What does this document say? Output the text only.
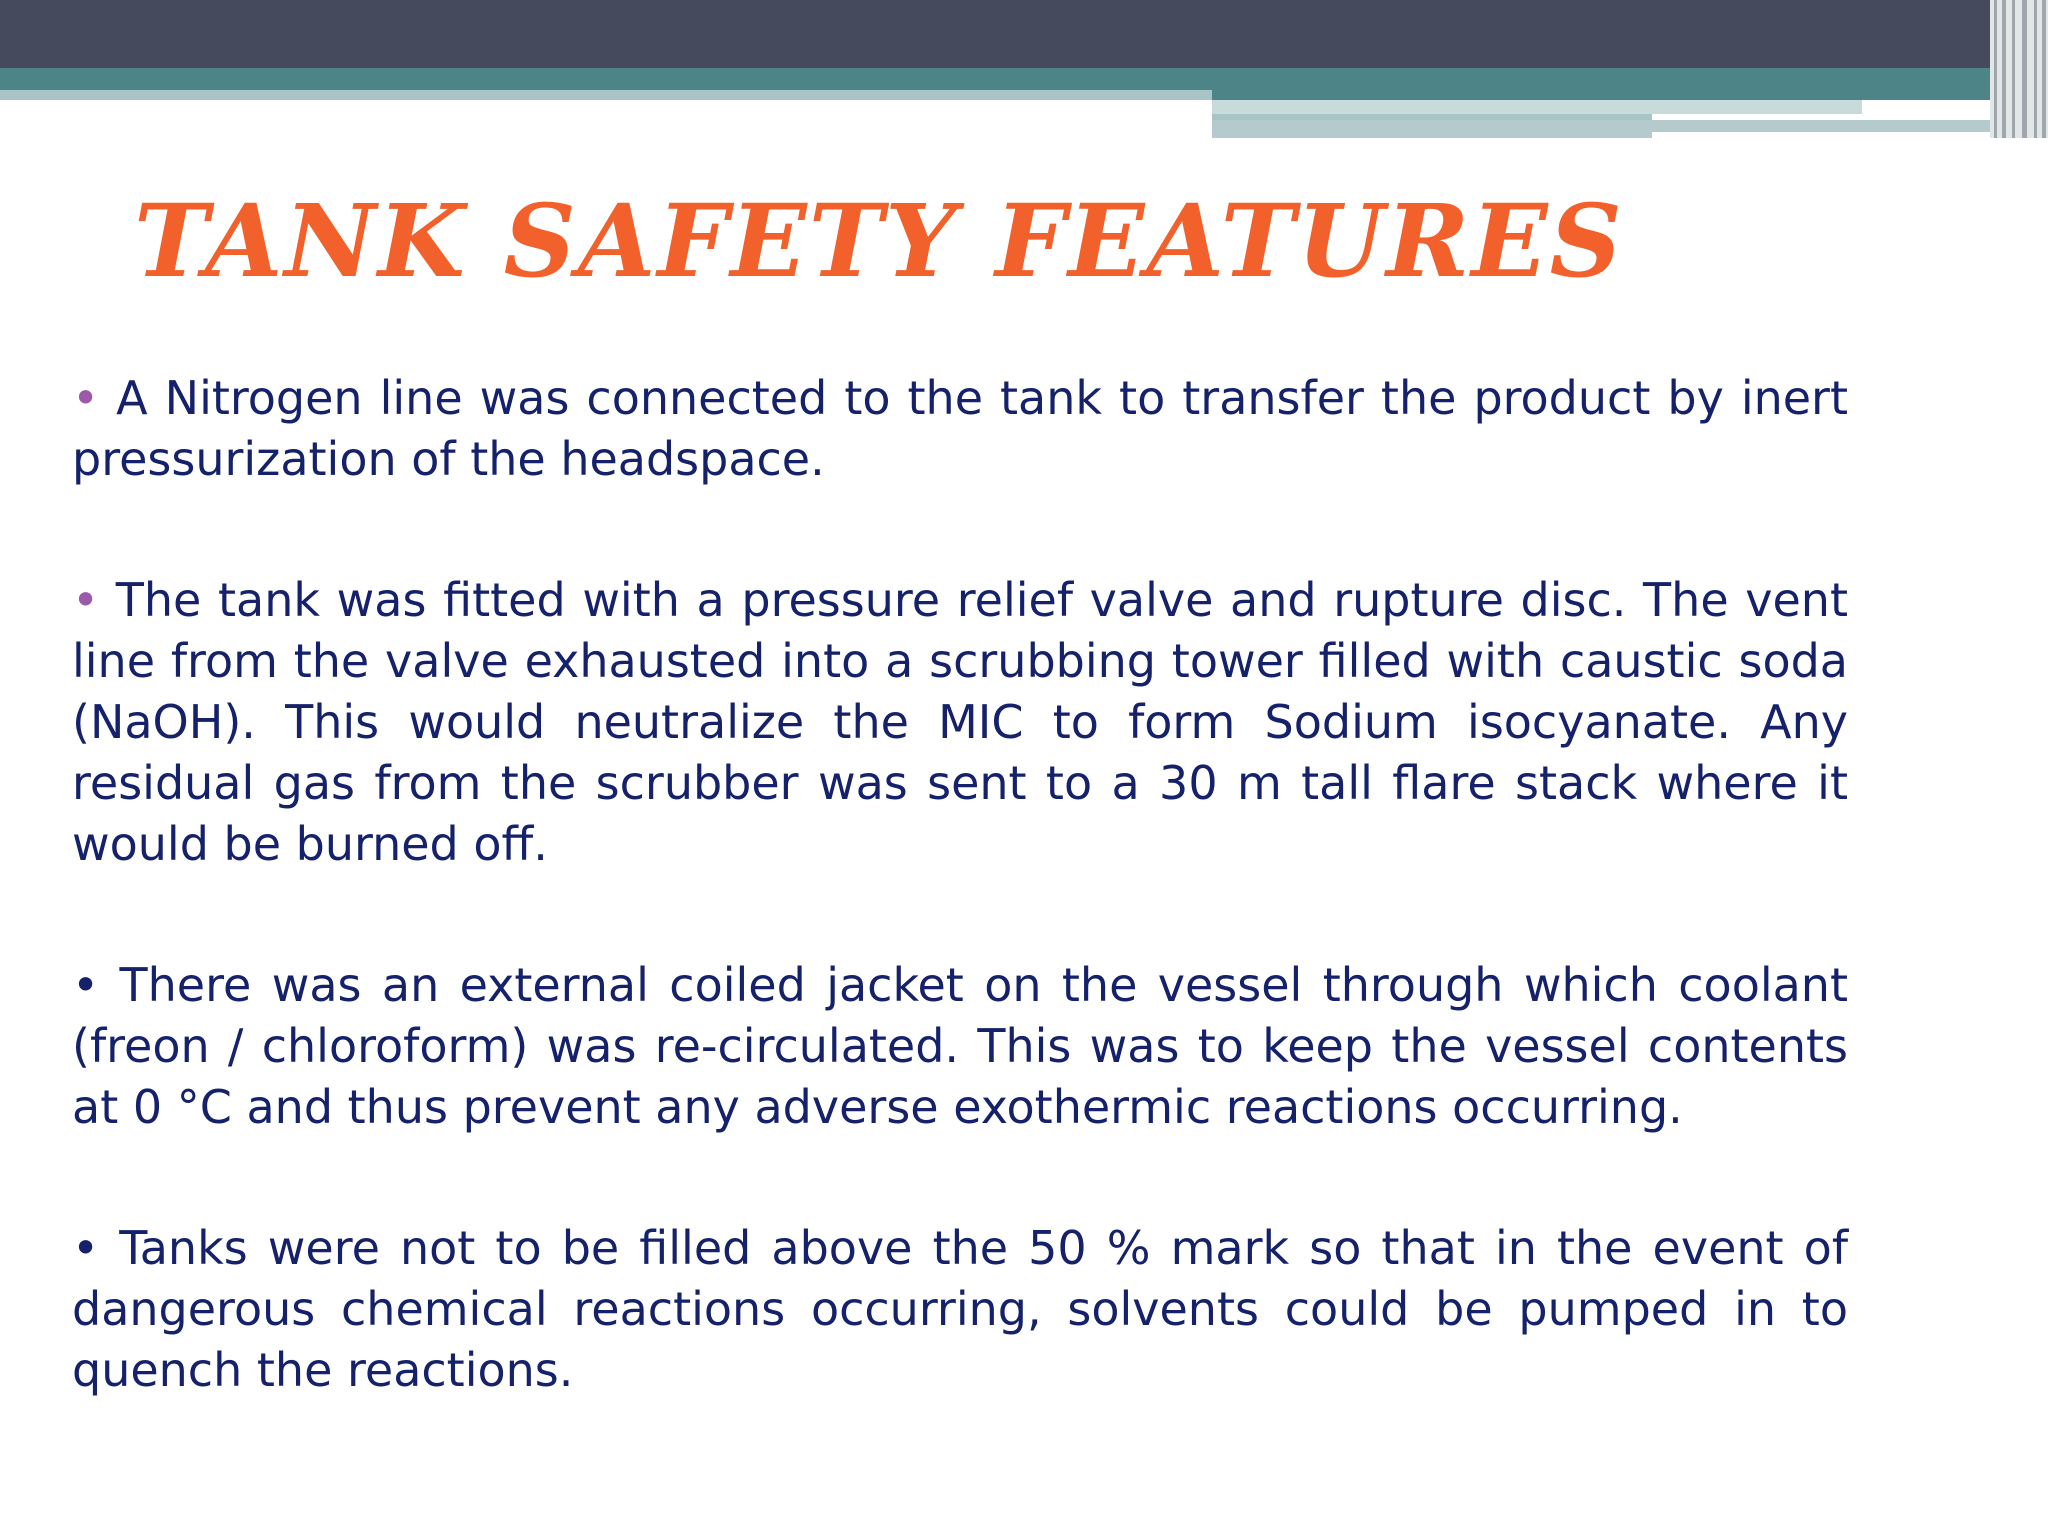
TANK SAFETY FEATURES
• A Nitrogen line was connected to the tank to transfer the product by inert pressurization of the headspace.
• The tank was fitted with a pressure relief valve and rupture disc. The vent line from the valve exhausted into a scrubbing tower filled with caustic soda (NaOH). This would neutralize the MIC to form Sodium isocyanate. Any residual gas from the scrubber was sent to a 30 m tall flare stack where it would be burned off.
• There was an external coiled jacket on the vessel through which coolant (freon / chloroform) was re-circulated. This was to keep the vessel contents at 0 °C and thus prevent any adverse exothermic reactions occurring.
• Tanks were not to be filled above the 50 % mark so that in the event of dangerous chemical reactions occurring, solvents could be pumped in to quench the reactions.
